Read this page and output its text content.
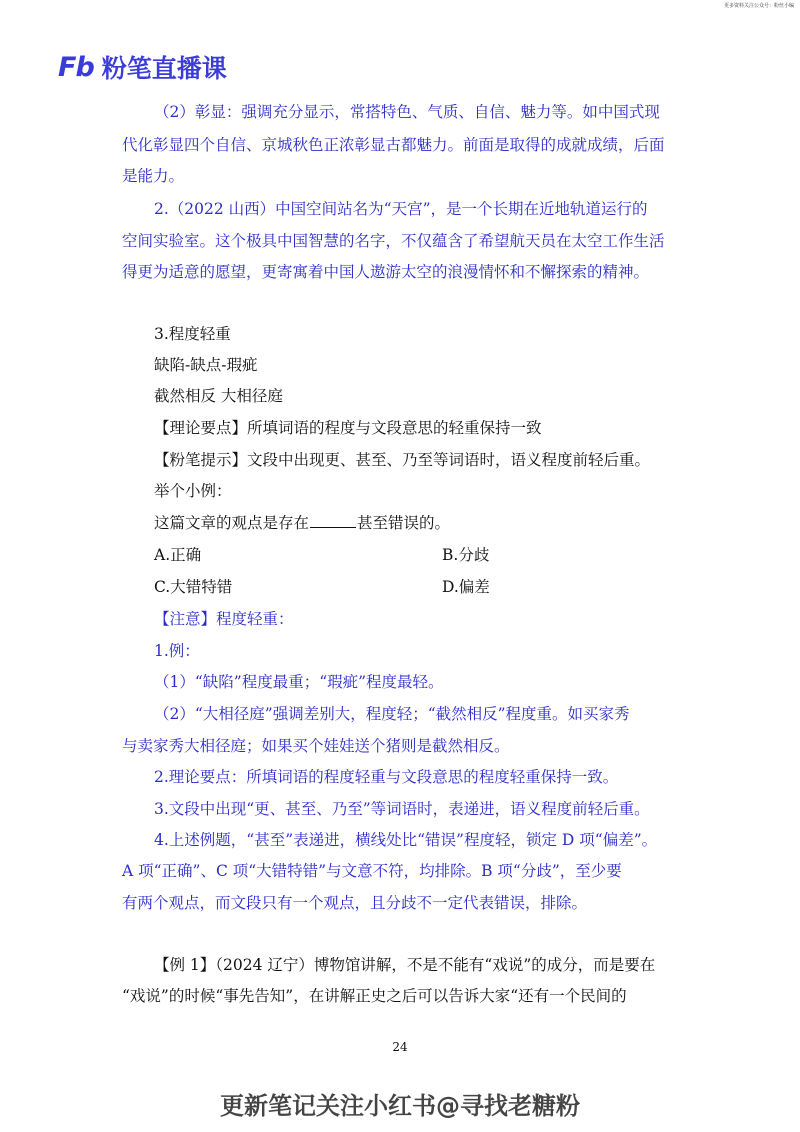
更多资料关注公众号：粉丝小编
Fb 粉笔直播课
（2）彰显：强调充分显示，常搭特色、气质、自信、魅力等。如中国式现
代化彰显四个自信、京城秋色正浓彰显古都魅力。前面是取得的成就成绩，后面
是能力。
2.（2022 山西）中国空间站名为“天宫”，是一个长期在近地轨道运行的
空间实验室。这个极具中国智慧的名字，不仅蕴含了希望航天员在太空工作生活
得更为适意的愿望，更寄寓着中国人遨游太空的浪漫情怀和不懈探索的精神。
3.程度轻重
缺陷-缺点-瑕疵
截然相反 大相径庭
【理论要点】所填词语的程度与文段意思的轻重保持一致
【粉笔提示】文段中出现更、甚至、乃至等词语时，语义程度前轻后重。
举个小例：
这篇文章的观点是存在	甚至错误的。
A.正确	B.分歧
C.大错特错	D.偏差
【注意】程度轻重：
1.例：
（1）“缺陷”程度最重；“瑕疵”程度最轻。
（2）“大相径庭”强调差别大，程度轻；“截然相反”程度重。如买家秀
与卖家秀大相径庭；如果买个娃娃送个猪则是截然相反。
2.理论要点：所填词语的程度轻重与文段意思的程度轻重保持一致。
3.文段中出现“更、甚至、乃至”等词语时，表递进，语义程度前轻后重。
4.上述例题，“甚至”表递进，横线处比“错误”程度轻，锁定 D 项“偏差”。
A 项“正确”、C 项“大错特错”与文意不符，均排除。B 项“分歧”，至少要
有两个观点，而文段只有一个观点，且分歧不一定代表错误，排除。
【例 1】（2024 辽宁）博物馆讲解，不是不能有“戏说”的成分，而是要在
“戏说”的时候“事先告知”，在讲解正史之后可以告诉大家“还有一个民间的
24
更新笔记关注小红书@寻找老糖粉
